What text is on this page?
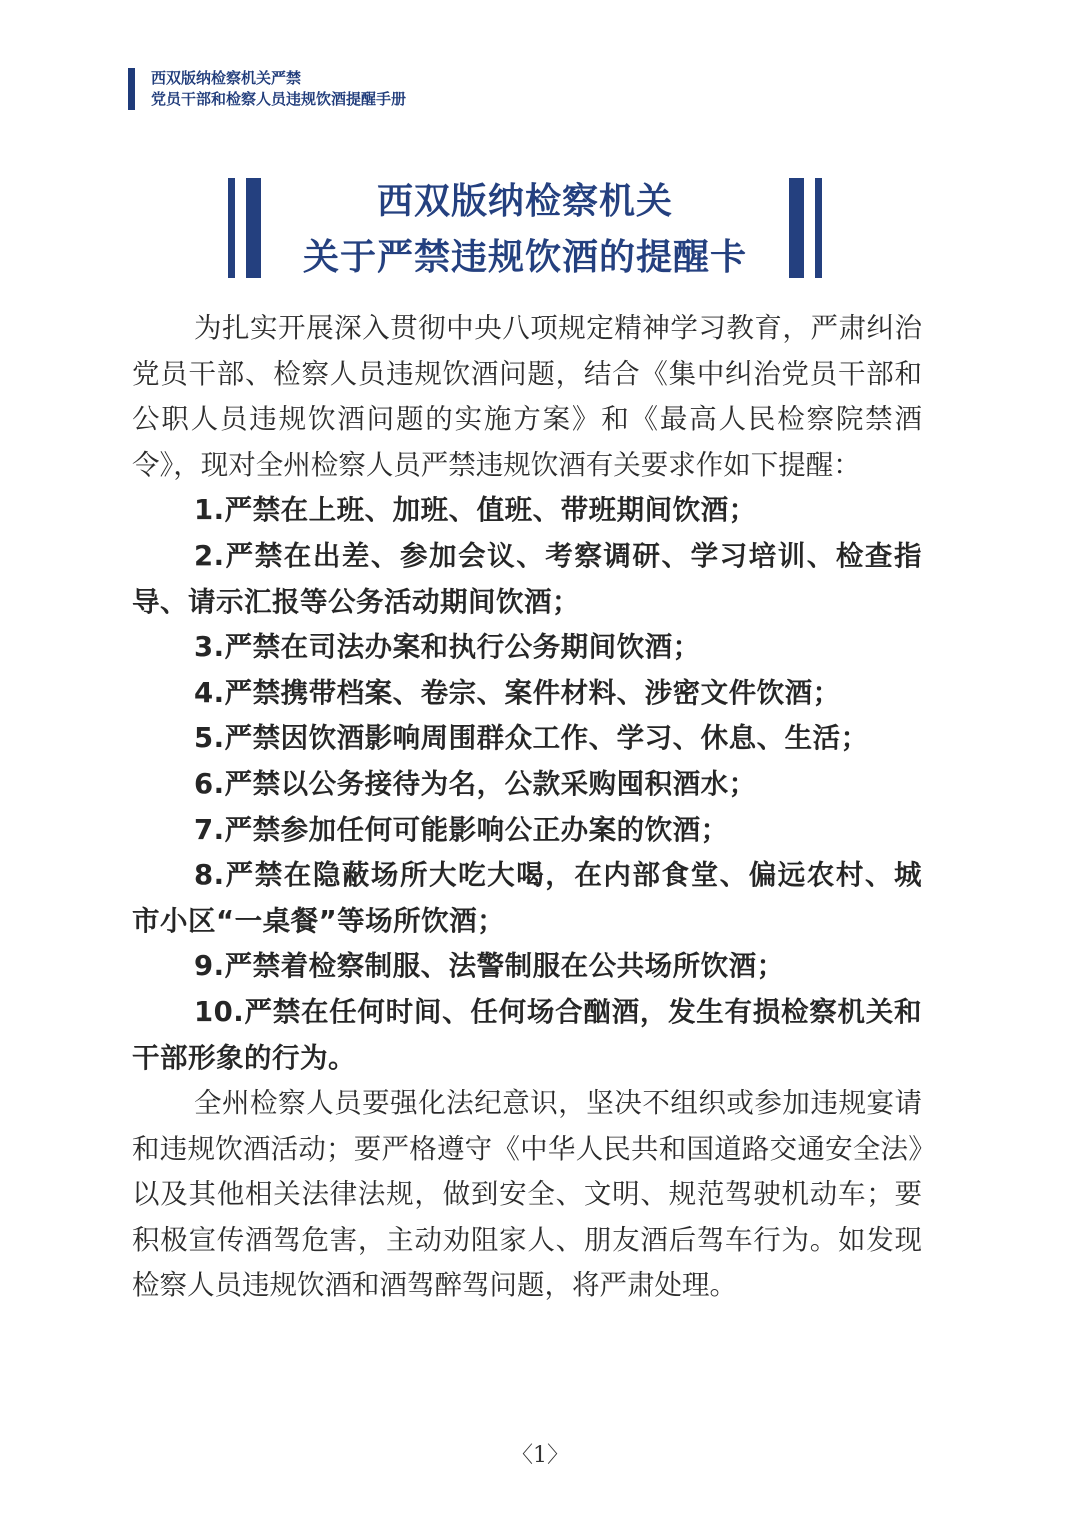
西双版纳检察机关严禁
党员干部和检察人员违规饮酒提醒手册
西双版纳检察机关
关于严禁违规饮酒的提醒卡

为扎实开展深入贯彻中央八项规定精神学习教育，严肃纠治党员干部、检察人员违规饮酒问题，结合《集中纠治党员干部和公职人员违规饮酒问题的实施方案》和《最高人民检察院禁酒令》，现对全州检察人员严禁违规饮酒有关要求作如下提醒：

1.严禁在上班、加班、值班、带班期间饮酒；

2.严禁在出差、参加会议、考察调研、学习培训、检查指导、请示汇报等公务活动期间饮酒；

3.严禁在司法办案和执行公务期间饮酒；

4.严禁携带档案、卷宗、案件材料、涉密文件饮酒；

5.严禁因饮酒影响周围群众工作、学习、休息、生活；

6.严禁以公务接待为名，公款采购囤积酒水；

7.严禁参加任何可能影响公正办案的饮酒；

8.严禁在隐蔽场所大吃大喝，在内部食堂、偏远农村、城市小区“一桌餐”等场所饮酒；

9.严禁着检察制服、法警制服在公共场所饮酒；

10.严禁在任何时间、任何场合酗酒，发生有损检察机关和干部形象的行为。

全州检察人员要强化法纪意识，坚决不组织或参加违规宴请和违规饮酒活动；要严格遵守《中华人民共和国道路交通安全法》以及其他相关法律法规，做到安全、文明、规范驾驶机动车；要积极宣传酒驾危害，主动劝阻家人、朋友酒后驾车行为。如发现检察人员违规饮酒和酒驾醉驾问题，将严肃处理。

〈1〉
